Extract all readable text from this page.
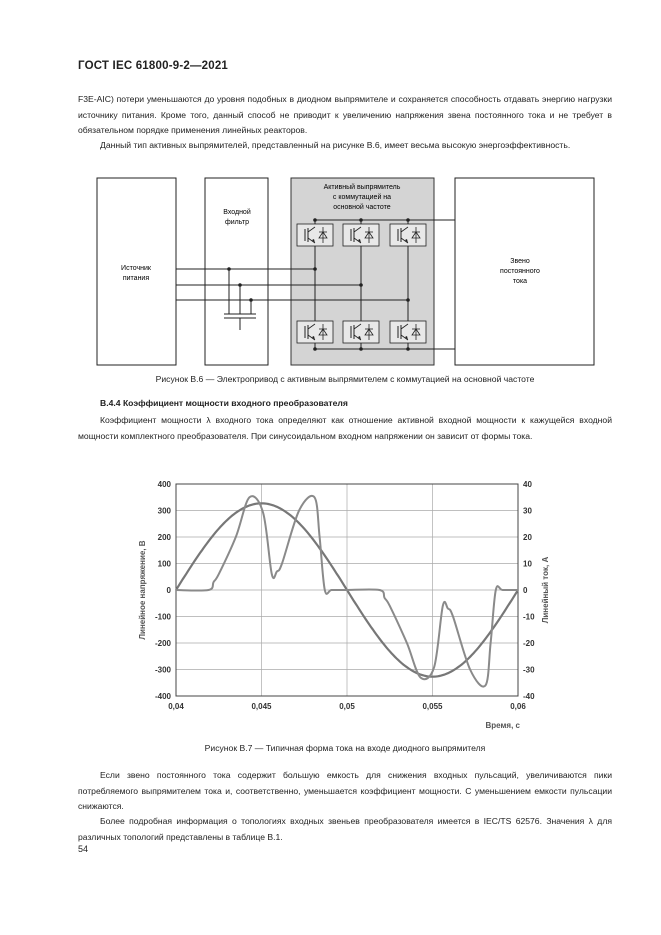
ГОСТ IEC 61800-9-2—2021
F3E-AIC) потери уменьшаются до уровня подобных в диодном выпрямителе и сохраняется способность отдавать энергию нагрузки источнику питания. Кроме того, данный способ не приводит к увеличению напряжения звена постоянного тока и не требует в обязательном порядке применения линейных реакторов.
Данный тип активных выпрямителей, представленный на рисунке В.6, имеет весьма высокую энергоэффективность.
Источник
питания
Входной
фильтр
Активный выпрямитель
с коммутацией на
основной частоте
Звено
постоянного
тока
Рисунок В.6 — Электропривод с активным выпрямителем с коммутацией на основной частоте
В.4.4 Коэффициент мощности входного преобразователя
Коэффициент мощности λ входного тока определяют как отношение активной входной мощности к кажущейся входной мощности комплектного преобразователя. При синусоидальном входном напряжении он зависит от формы тока.
0,04	0,045	0,05	0,055	0,06
400	40
300	30
200	20
100	10
0	0
-100	-10
-200	-20
-300	-30
-400	-40
Линейное напряжение, В	Линейный ток, А
Время, с
Рисунок В.7 — Типичная форма тока на входе диодного выпрямителя
Если звено постоянного тока содержит большую емкость для снижения входных пульсаций, увеличиваются пики потребляемого выпрямителем тока и, соответственно, уменьшается коэффициент мощности. С уменьшением емкости пульсации снижаются.
Более подробная информация о топологиях входных звеньев преобразователя имеется в IEC/TS 62576. Значения λ для различных топологий представлены в таблице В.1.
54
